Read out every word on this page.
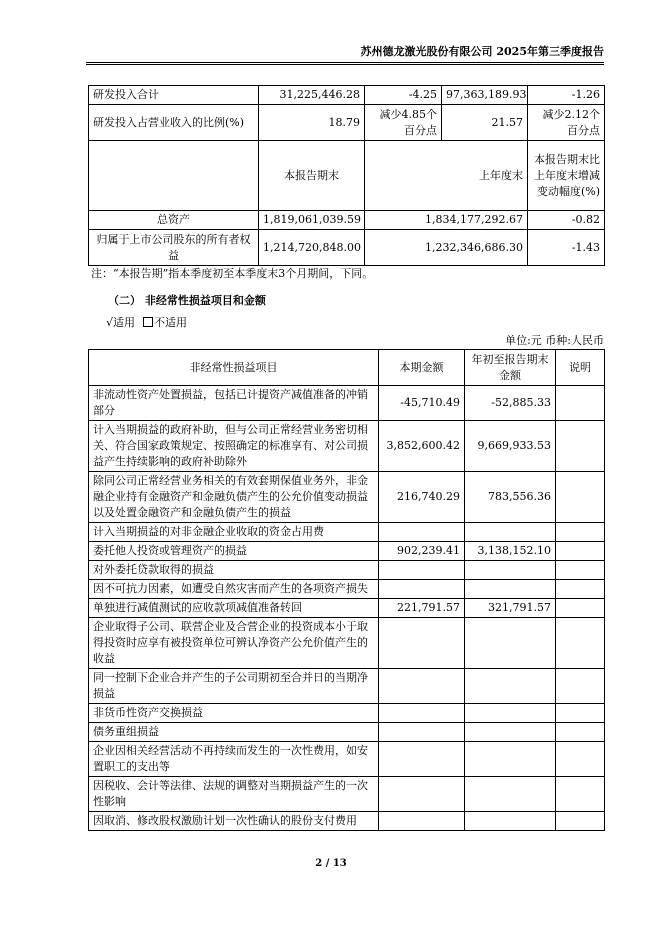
苏州德龙激光股份有限公司 2025年第三季度报告
研发投入合计	31,225,446.28	-4.25	97,363,189.93	-1.26
研发投入占营业收入的比例(%)	18.79	减少4.85个百分点	21.57	减少2.12个百分点
	本报告期末	上年度末		本报告期末比上年度末增减变动幅度(%)
总资产	1,819,061,039.59	1,834,177,292.67		-0.82
归属于上市公司股东的所有者权益	1,214,720,848.00	1,232,346,686.30		-1.43
注：“本报告期”指本季度初至本季度末3个月期间，下同。
（二） 非经常性损益项目和金额
√适用 不适用
单位:元 币种:人民币
非经常性损益项目	本期金额	年初至报告期末金额	说明
非流动性资产处置损益，包括已计提资产减值准备的冲销部分	-45,710.49	-52,885.33	
计入当期损益的政府补助，但与公司正常经营业务密切相关、符合国家政策规定、按照确定的标准享有、对公司损益产生持续影响的政府补助除外	3,852,600.42	9,669,933.53	
除同公司正常经营业务相关的有效套期保值业务外，非金融企业持有金融资产和金融负债产生的公允价值变动损益以及处置金融资产和金融负债产生的损益	216,740.29	783,556.36	
计入当期损益的对非金融企业收取的资金占用费			
委托他人投资或管理资产的损益	902,239.41	3,138,152.10	
对外委托贷款取得的损益			
因不可抗力因素，如遭受自然灾害而产生的各项资产损失			
单独进行减值测试的应收款项减值准备转回	221,791.57	321,791.57	
企业取得子公司、联营企业及合营企业的投资成本小于取得投资时应享有被投资单位可辨认净资产公允价值产生的收益			
同一控制下企业合并产生的子公司期初至合并日的当期净损益			
非货币性资产交换损益			
债务重组损益			
企业因相关经营活动不再持续而发生的一次性费用，如安置职工的支出等			
因税收、会计等法律、法规的调整对当期损益产生的一次性影响			
因取消、修改股权激励计划一次性确认的股份支付费用			
2 / 13
